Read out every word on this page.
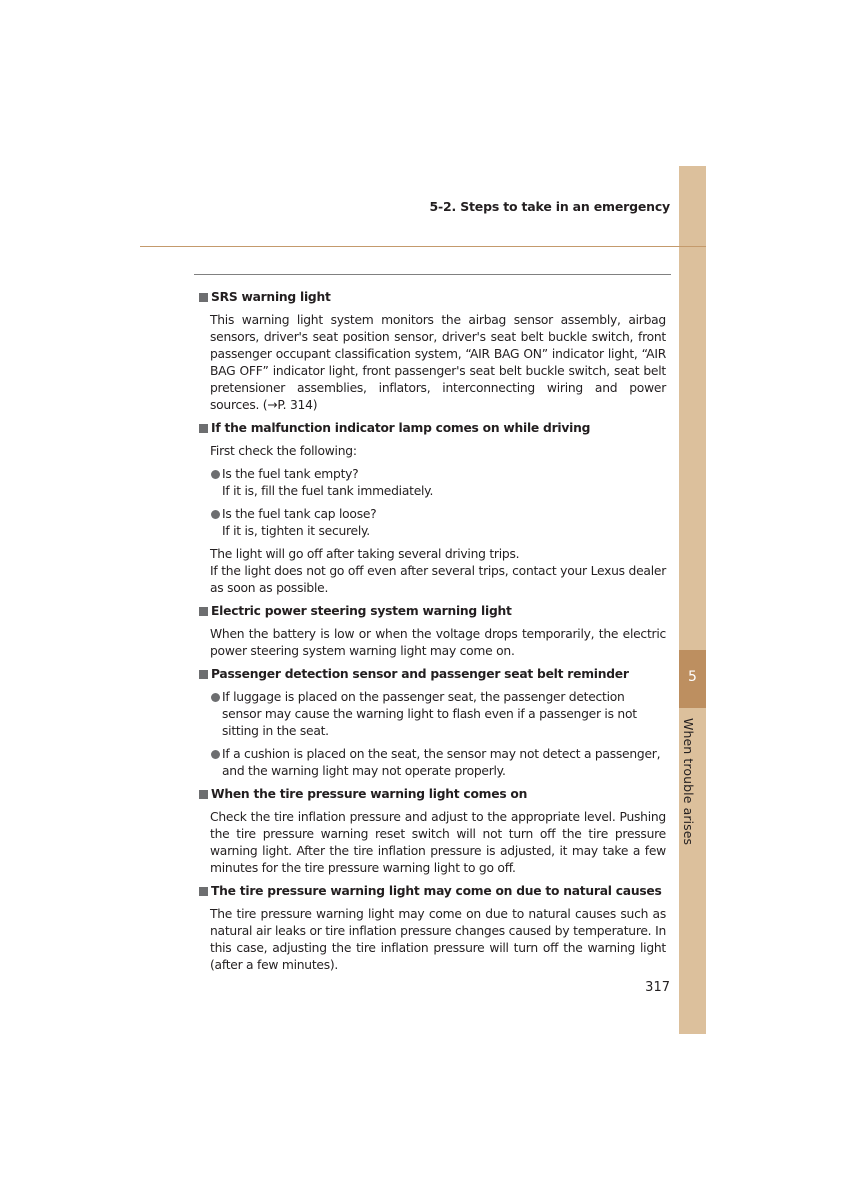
5
When trouble arises
5-2. Steps to take in an emergency
SRS warning light
This warning light system monitors the airbag sensor assembly, airbag sensors, driver's seat position sensor, driver's seat belt buckle switch, front passenger occupant classification system, “AIR BAG ON” indicator light, “AIR BAG OFF” indicator light, front passenger's seat belt buckle switch, seat belt pretensioner assemblies, inflators, interconnecting wiring and power sources. (→P. 314)
If the malfunction indicator lamp comes on while driving
First check the following:
Is the fuel tank empty?
If it is, fill the fuel tank immediately.
Is the fuel tank cap loose?
If it is, tighten it securely.
The light will go off after taking several driving trips.
If the light does not go off even after several trips, contact your Lexus dealer as soon as possible.
Electric power steering system warning light
When the battery is low or when the voltage drops temporarily, the electric power steering system warning light may come on.
Passenger detection sensor and passenger seat belt reminder
If luggage is placed on the passenger seat, the passenger detection sensor may cause the warning light to flash even if a passenger is not sitting in the seat.
If a cushion is placed on the seat, the sensor may not detect a passenger, and the warning light may not operate properly.
When the tire pressure warning light comes on
Check the tire inflation pressure and adjust to the appropriate level. Pushing the tire pressure warning reset switch will not turn off the tire pressure warning light. After the tire inflation pressure is adjusted, it may take a few minutes for the tire pressure warning light to go off.
The tire pressure warning light may come on due to natural causes
The tire pressure warning light may come on due to natural causes such as natural air leaks or tire inflation pressure changes caused by temperature. In this case, adjusting the tire inflation pressure will turn off the warning light (after a few minutes).
317
